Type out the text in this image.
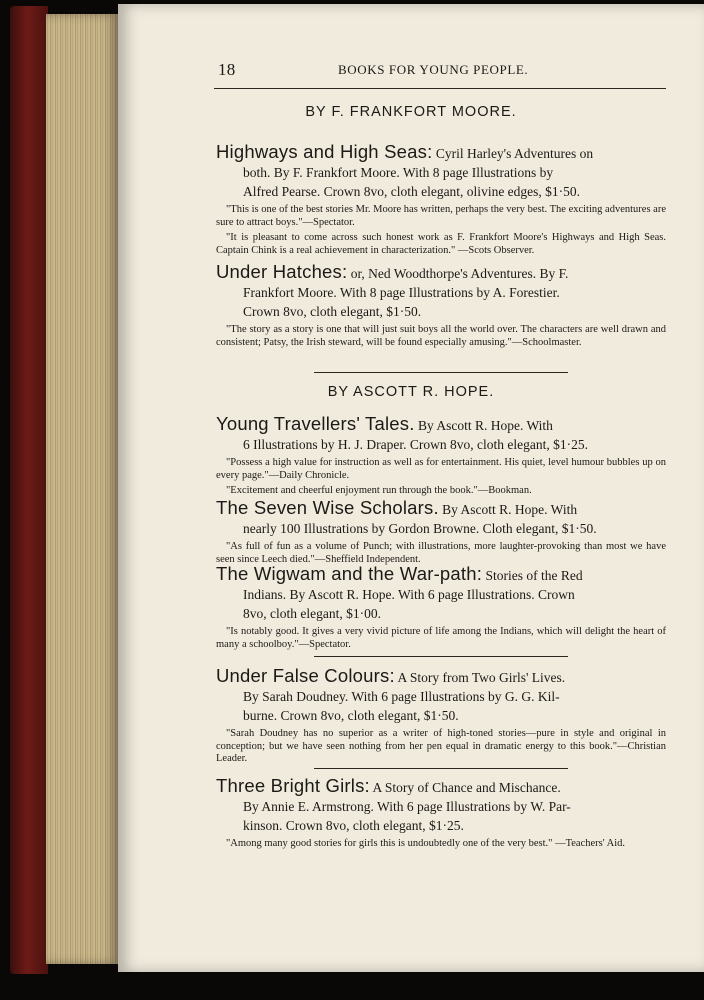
18	BOOKS FOR YOUNG PEOPLE.
BY F. FRANKFORT MOORE.
Highways and High Seas: Cyril Harley's Adventures on
both. By F. Frankfort Moore. With 8 page Illustrations by
Alfred Pearse. Crown 8vo, cloth elegant, olivine edges, $1·50.
"This is one of the best stories Mr. Moore has written, perhaps the very best. The exciting adventures are sure to attract boys."—Spectator.
"It is pleasant to come across such honest work as F. Frankfort Moore's Highways and High Seas. Captain Chink is a real achievement in characterization." —Scots Observer.
Under Hatches: or, Ned Woodthorpe's Adventures. By F.
Frankfort Moore. With 8 page Illustrations by A. Forestier.
Crown 8vo, cloth elegant, $1·50.
"The story as a story is one that will just suit boys all the world over. The characters are well drawn and consistent; Patsy, the Irish steward, will be found especially amusing."—Schoolmaster.
BY ASCOTT R. HOPE.
Young Travellers' Tales. By Ascott R. Hope. With
6 Illustrations by H. J. Draper. Crown 8vo, cloth elegant, $1·25.
"Possess a high value for instruction as well as for entertainment. His quiet, level humour bubbles up on every page."—Daily Chronicle.
"Excitement and cheerful enjoyment run through the book."—Bookman.
The Seven Wise Scholars. By Ascott R. Hope. With
nearly 100 Illustrations by Gordon Browne. Cloth elegant, $1·50.
"As full of fun as a volume of Punch; with illustrations, more laughter-provoking than most we have seen since Leech died."—Sheffield Independent.
The Wigwam and the War-path: Stories of the Red
Indians. By Ascott R. Hope. With 6 page Illustrations. Crown
8vo, cloth elegant, $1·00.
"Is notably good. It gives a very vivid picture of life among the Indians, which will delight the heart of many a schoolboy."—Spectator.
Under False Colours: A Story from Two Girls' Lives.
By Sarah Doudney. With 6 page Illustrations by G. G. Kil-
burne. Crown 8vo, cloth elegant, $1·50.
"Sarah Doudney has no superior as a writer of high-toned stories—pure in style and original in conception; but we have seen nothing from her pen equal in dramatic energy to this book."—Christian Leader.
Three Bright Girls: A Story of Chance and Mischance.
By Annie E. Armstrong. With 6 page Illustrations by W. Par-
kinson. Crown 8vo, cloth elegant, $1·25.
"Among many good stories for girls this is undoubtedly one of the very best." —Teachers' Aid.
